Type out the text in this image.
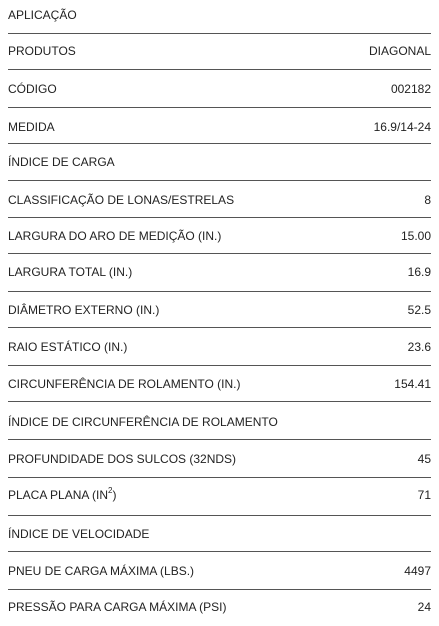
APLICAÇÃO
PRODUTOS	DIAGONAL
CÓDIGO	002182
MEDIDA	16.9/14-24
ÍNDICE DE CARGA
CLASSIFICAÇÃO DE LONAS/ESTRELAS	8
LARGURA DO ARO DE MEDIÇÃO (IN.)	15.00
LARGURA TOTAL (IN.)	16.9
DIÂMETRO EXTERNO (IN.)	52.5
RAIO ESTÁTICO (IN.)	23.6
CIRCUNFERÊNCIA DE ROLAMENTO (IN.)	154.41
ÍNDICE DE CIRCUNFERÊNCIA DE ROLAMENTO
PROFUNDIDADE DOS SULCOS (32NDS)	45
PLACA PLANA $(IN^2)$	71
ÍNDICE DE VELOCIDADE
PNEU DE CARGA MÁXIMA (LBS.)	4497
PRESSÃO PARA CARGA MÁXIMA (PSI)	24
